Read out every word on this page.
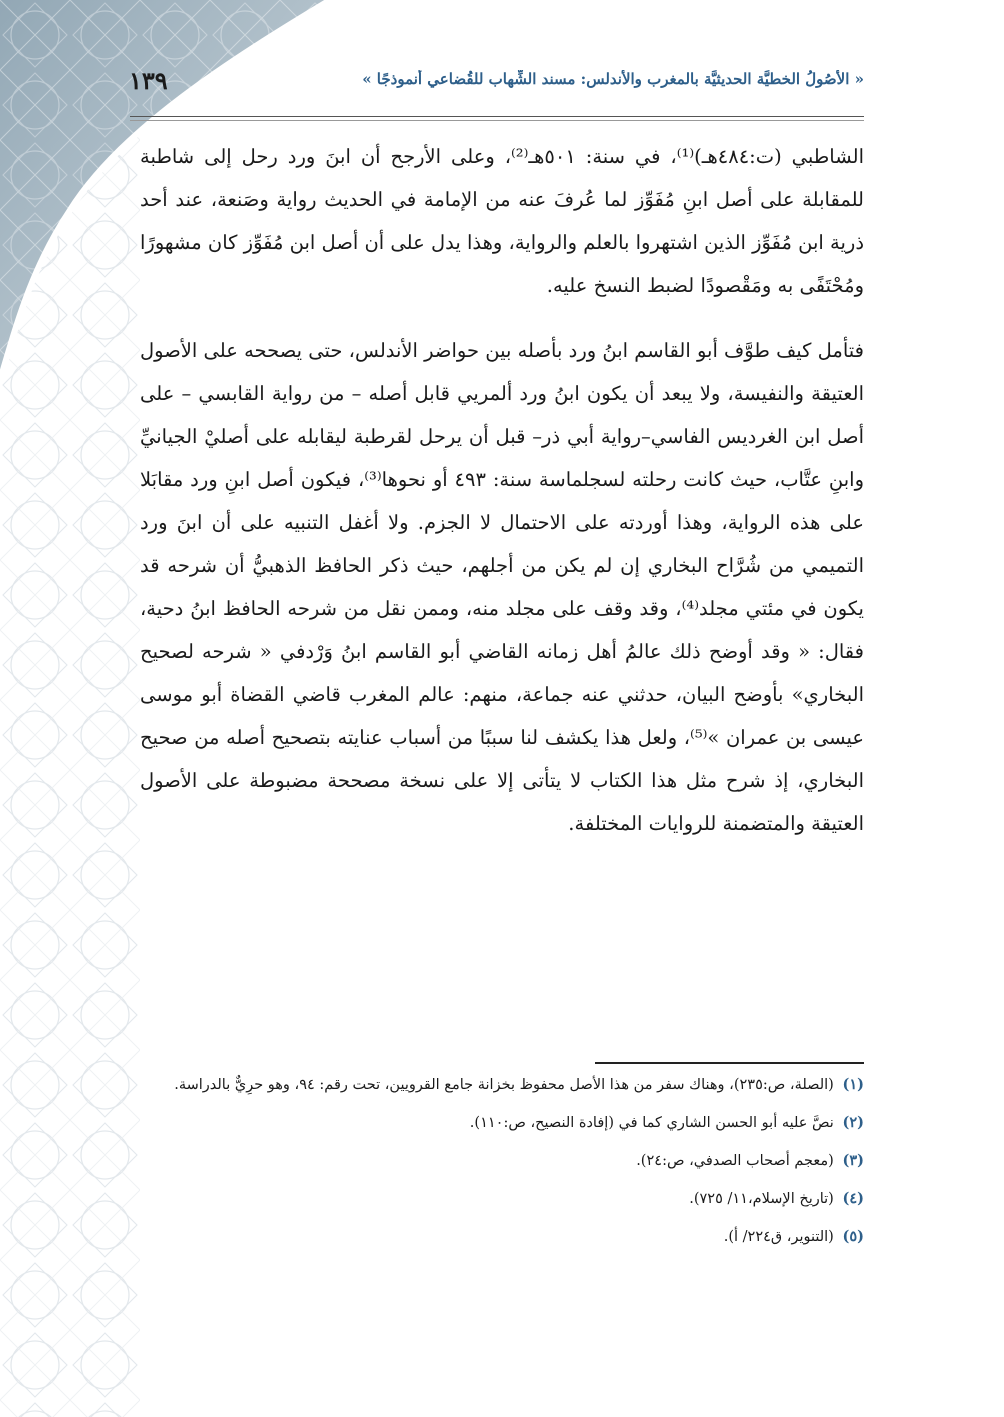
« الأُصُولُ الخطيَّة الحديثيَّة بالمغرب والأندلس: مسند الشِّهاب للقُضاعي أنموذجًا »
١٣٩

الشاطبي (ت:٤٨٤هـ)⁽¹⁾، في سنة: ٥٠١هـ⁽²⁾، وعلى الأرجح أن ابنَ ورد رحل إلى شاطبة للمقابلة على أصل ابنِ مُفَوِّز لما عُرفَ عنه من الإمامة في الحديث رواية وصَنعة، عند أحد ذرية ابن مُفَوِّز الذين اشتهروا بالعلم والرواية، وهذا يدل على أن أصل ابن مُفَوِّز كان مشهورًا ومُحْتَفًى به ومَقْصودًا لضبط النسخ عليه.

فتأمل كيف طوَّف أبو القاسم ابنُ ورد بأصله بين حواضر الأندلس، حتى يصححه على الأصول العتيقة والنفيسة، ولا يبعد أن يكون ابنُ ورد ألمريي قابل أصله – من رواية القابسي – على أصل ابن الغرديس الفاسي–رواية أبي ذر– قبل أن يرحل لقرطبة ليقابله على أصليْ الجيانيِّ وابنِ عتَّاب، حيث كانت رحلته لسجلماسة سنة: ٤٩٣ أو نحوها⁽³⁾، فيكون أصل ابنِ ورد مقابَلا على هذه الرواية، وهذا أوردته على الاحتمال لا الجزم. ولا أغفل التنبيه على أن ابنَ ورد التميمي من شُرَّاح البخاري إن لم يكن من أجلهم، حيث ذكر الحافظ الذهبيُّ أن شرحه قد يكون في مئتي مجلد⁽⁴⁾، وقد وقف على مجلد منه، وممن نقل من شرحه الحافظ ابنُ دحية، فقال: « وقد أوضح ذلك عالمُ أهل زمانه القاضي أبو القاسم ابنُ وَرْدفي « شرحه لصحيح البخاري» بأوضح البيان، حدثني عنه جماعة، منهم: عالم المغرب قاضي القضاة أبو موسى عيسى بن عمران »⁽⁵⁾، ولعل هذا يكشف لنا سببًا من أسباب عنايته بتصحيح أصله من صحيح البخاري، إذ شرح مثل هذا الكتاب لا يتأتى إلا على نسخة مصححة مضبوطة على الأصول العتيقة والمتضمنة للروايات المختلفة.

(١) (الصلة، ص:٢٣٥)، وهناك سفر من هذا الأصل محفوظ بخزانة جامع القرويين، تحت رقم: ٩٤، وهو حرِيٌّ بالدراسة.
(٢) نصَّ عليه أبو الحسن الشاري كما في (إفادة النصيح، ص:١١٠).
(٣) (معجم أصحاب الصدفي، ص:٢٤).
(٤) (تاريخ الإسلام،١١/ ٧٢٥).
(٥) (التنوير، ق٢٢٤/ أ).
